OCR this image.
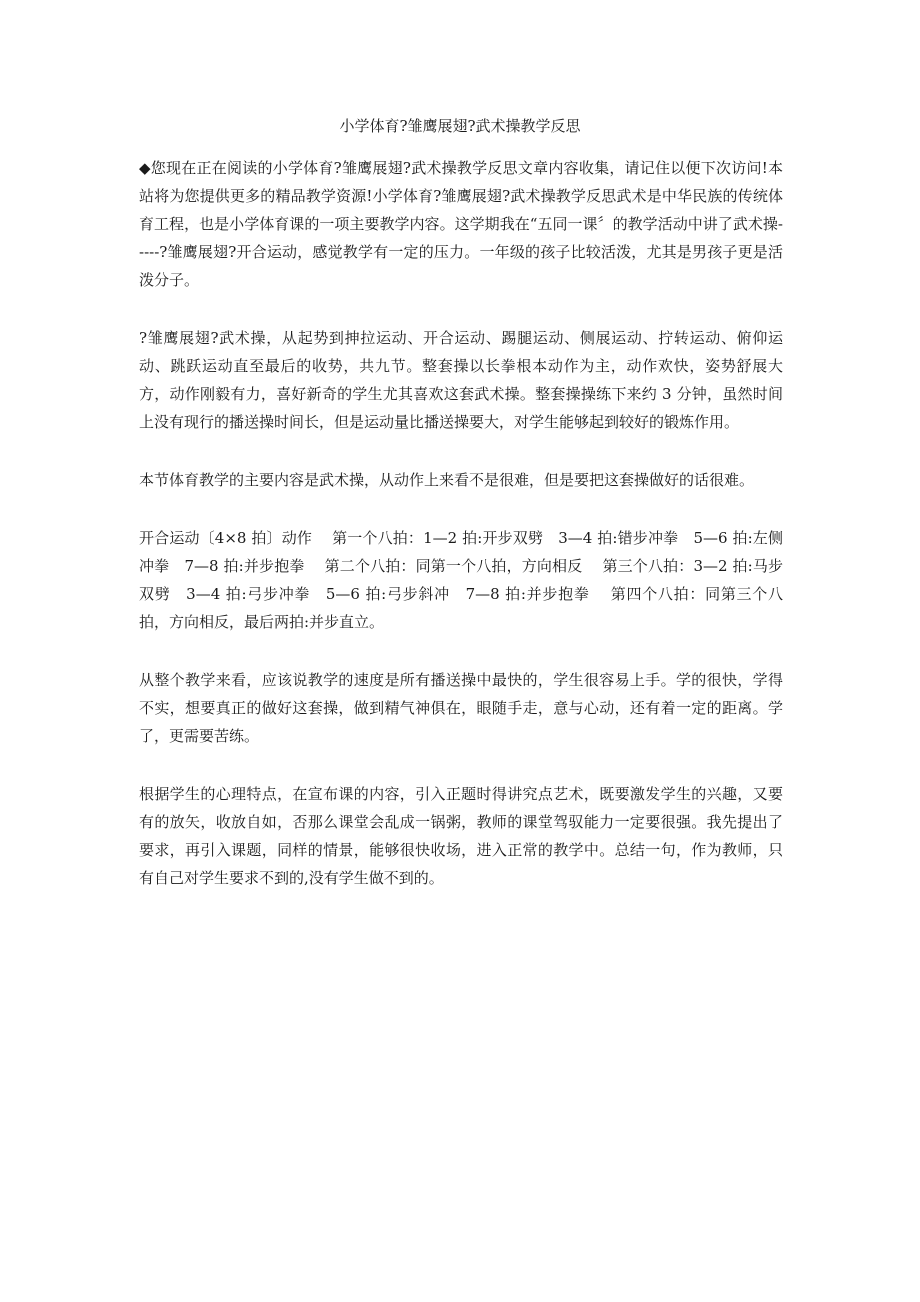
小学体育?雏鹰展翅?武术操教学反思

◆您现在正在阅读的小学体育?雏鹰展翅?武术操教学反思文章内容收集，请记住以便下次访问!本站将为您提供更多的精品教学资源!小学体育?雏鹰展翅?武术操教学反思武术是中华民族的传统体育工程，也是小学体育课的一项主要教学内容。这学期我在“五同一课〞的教学活动中讲了武术操-----?雏鹰展翅?开合运动，感觉教学有一定的压力。一年级的孩子比较活泼，尤其是男孩子更是活泼分子。

?雏鹰展翅?武术操，从起势到抻拉运动、开合运动、踢腿运动、侧展运动、拧转运动、俯仰运动、跳跃运动直至最后的收势，共九节。整套操以长拳根本动作为主，动作欢快，姿势舒展大方，动作刚毅有力，喜好新奇的学生尤其喜欢这套武术操。整套操操练下来约 3 分钟，虽然时间上没有现行的播送操时间长，但是运动量比播送操要大，对学生能够起到较好的锻炼作用。

本节体育教学的主要内容是武术操，从动作上来看不是很难，但是要把这套操做好的话很难。

开合运动〔4×8 拍〕动作　 第一个八拍：1—2 拍:开步双劈　3—4 拍:错步冲拳　5—6 拍:左侧冲拳　7—8 拍:并步抱拳　 第二个八拍：同第一个八拍，方向相反　 第三个八拍：3—2 拍:马步双劈　3—4 拍:弓步冲拳　5—6 拍:弓步斜冲　7—8 拍:并步抱拳　 第四个八拍：同第三个八拍，方向相反，最后两拍:并步直立。

从整个教学来看，应该说教学的速度是所有播送操中最快的，学生很容易上手。学的很快，学得不实，想要真正的做好这套操，做到精气神俱在，眼随手走，意与心动，还有着一定的距离。学了，更需要苦练。

根据学生的心理特点，在宣布课的内容，引入正题时得讲究点艺术，既要激发学生的兴趣，又要有的放矢，收放自如，否那么课堂会乱成一锅粥，教师的课堂驾驭能力一定要很强。我先提出了要求，再引入课题，同样的情景，能够很快收场，进入正常的教学中。总结一句，作为教师，只有自己对学生要求不到的,没有学生做不到的。
